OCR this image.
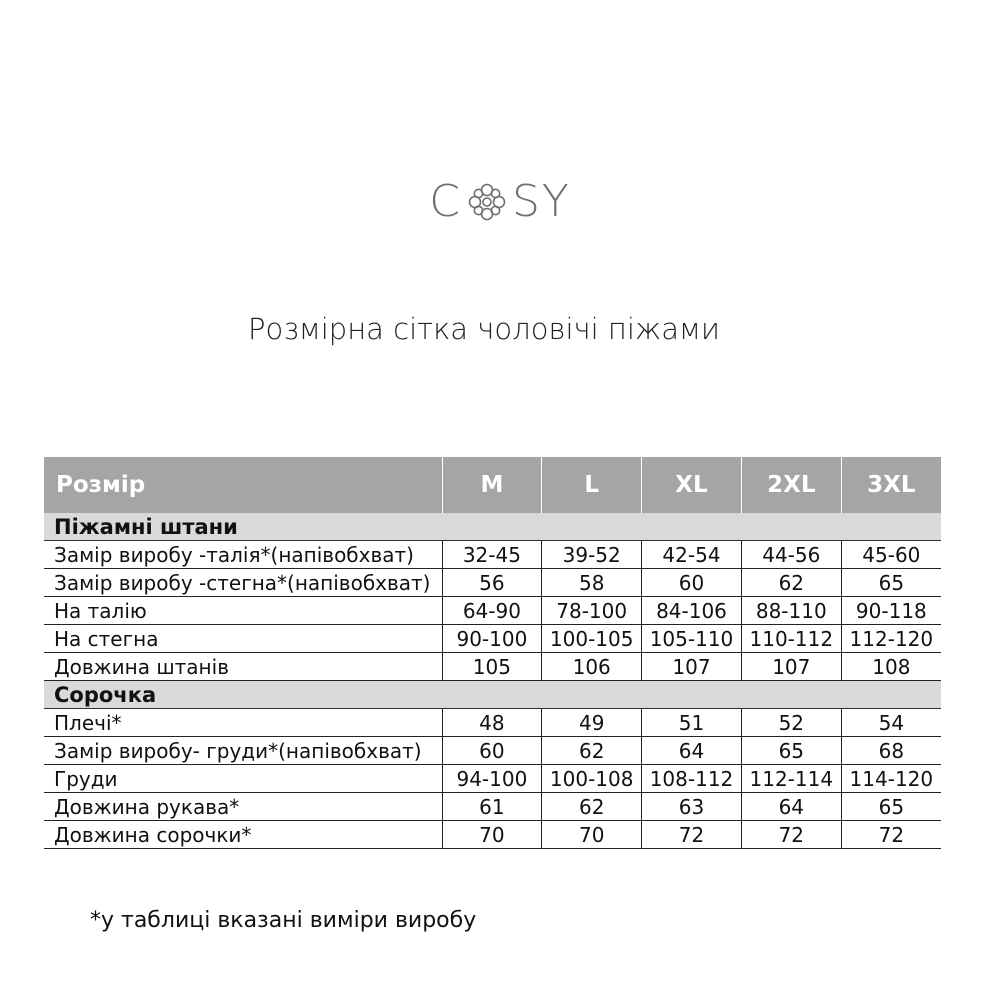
C SY
Розмірна сітка чоловічі піжами
Розмір	M	L	XL	2XL	3XL
Піжамні штани					
Замір виробу -талія*(напівобхват)	32-45	39-52	42-54	44-56	45-60
Замір виробу -стегна*(напівобхват)	56	58	60	62	65
На талію	64-90	78-100	84-106	88-110	90-118
На стегна	90-100	100-105	105-110	110-112	112-120
Довжина штанів	105	106	107	107	108
Сорочка					
Плечі*	48	49	51	52	54
Замір виробу- груди*(напівобхват)	60	62	64	65	68
Груди	94-100	100-108	108-112	112-114	114-120
Довжина рукава*	61	62	63	64	65
Довжина сорочки*	70	70	72	72	72
*у таблиці вказані виміри виробу
